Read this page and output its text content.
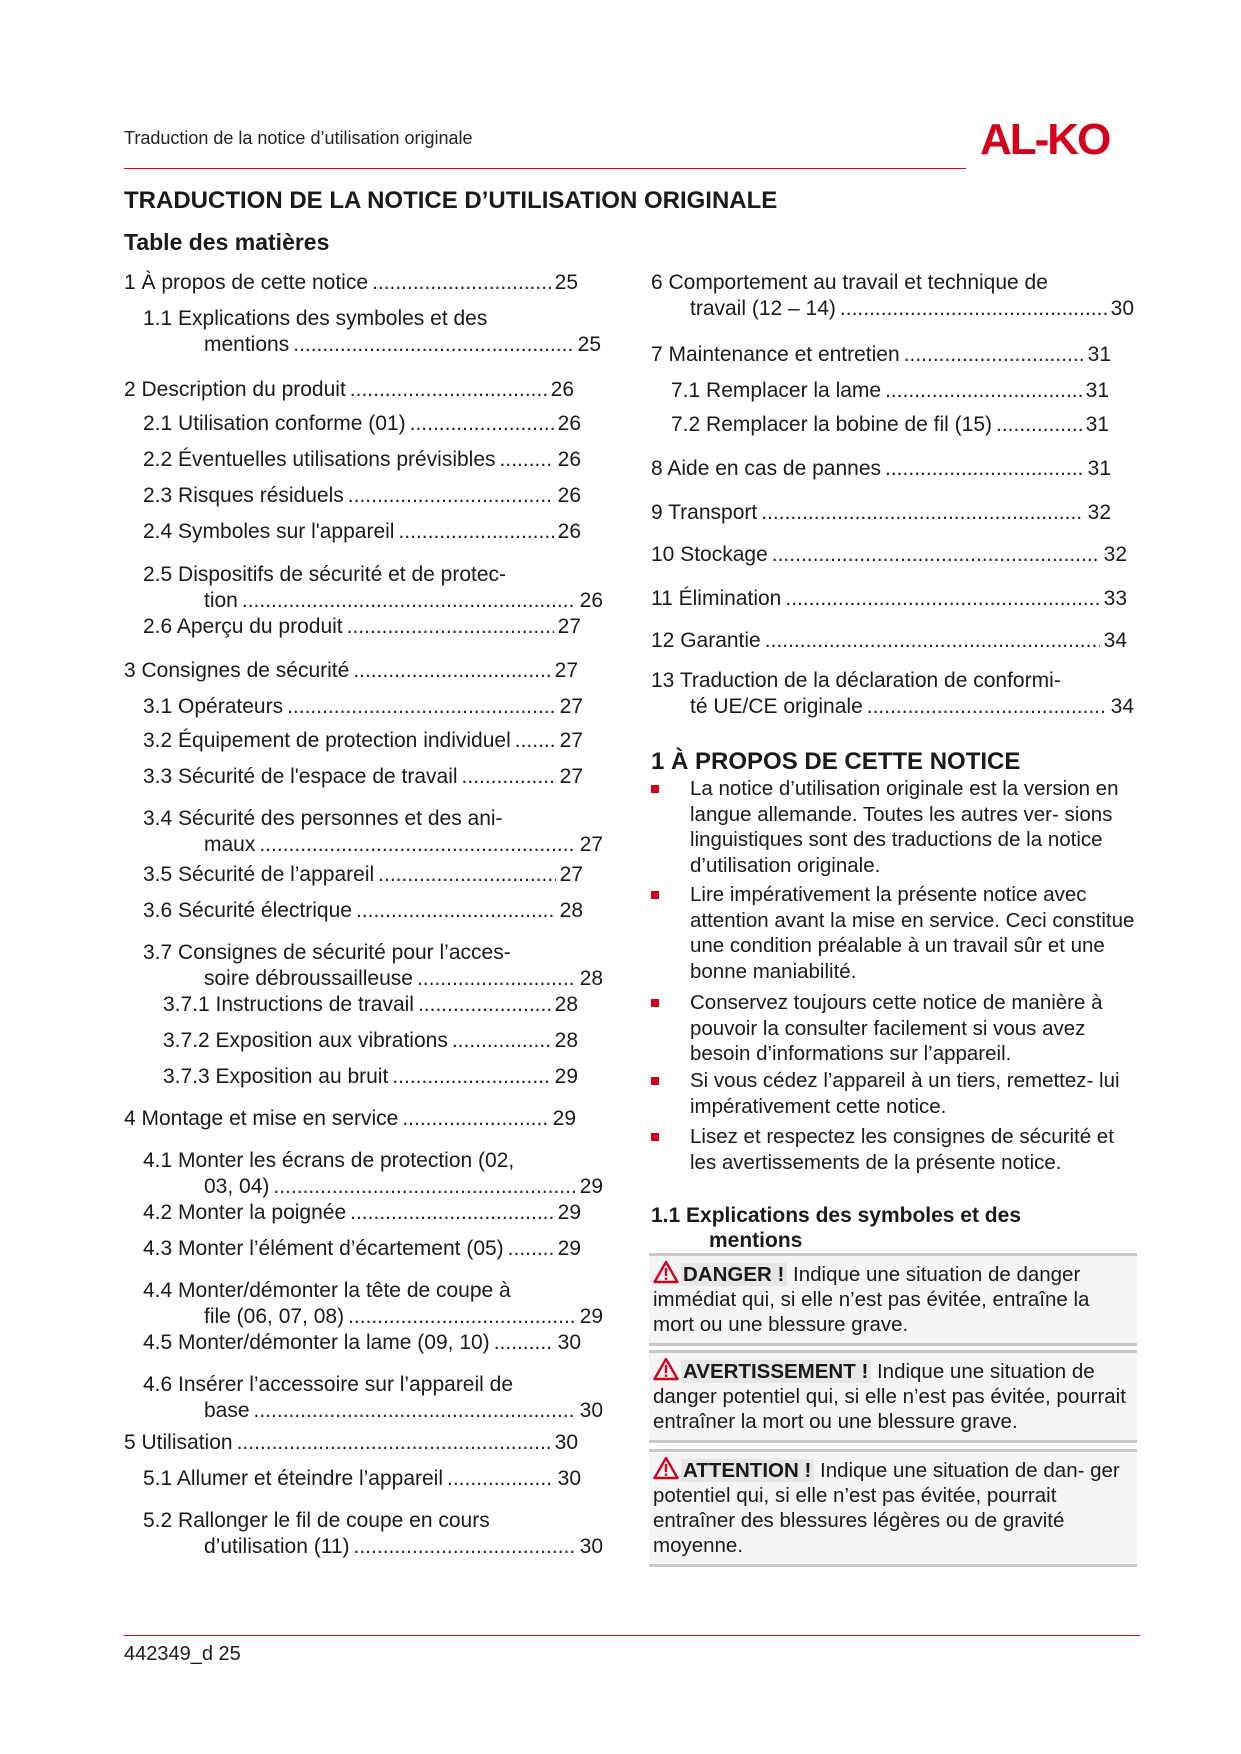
Traduction de la notice d’utilisation originale	AL-KO
TRADUCTION DE LA NOTICE D’UTILISATION ORIGINALE
Table des matières
1 À propos de cette notice .....	25
1.1 Explications des symboles et des
mentions .....	25
2 Description du produit .....	26
2.1 Utilisation conforme (01) .....	26
2.2 Éventuelles utilisations prévisibles .....	26
2.3 Risques résiduels .....	26
2.4 Symboles sur l'appareil .....	26
2.5 Dispositifs de sécurité et de protec-
tion .....	26
2.6 Aperçu du produit .....	27
3 Consignes de sécurité .....	27
3.1 Opérateurs .....	27
3.2 Équipement de protection individuel ..... 27
3.3 Sécurité de l'espace de travail .....	27
3.4 Sécurité des personnes et des ani-
maux .....	27
3.5 Sécurité de l’appareil .....	27
3.6 Sécurité électrique .....	28
3.7 Consignes de sécurité pour l’acces-
soire débroussailleuse .....	28
3.7.1 Instructions de travail .....	28
3.7.2 Exposition aux vibrations .....	28
3.7.3 Exposition au bruit .....	29
4 Montage et mise en service .....	29
4.1 Monter les écrans de protection (02,
03, 04) .....	29
4.2 Monter la poignée .....	29
4.3 Monter l’élément d’écartement (05) .....	29
4.4 Monter/démonter la tête de coupe à
file (06, 07, 08) .....	29
4.5 Monter/démonter la lame (09, 10) .....	30
4.6 Insérer l’accessoire sur l’appareil de
base .....	30
5 Utilisation .....	30
5.1 Allumer et éteindre l’appareil .....	30
5.2 Rallonger le fil de coupe en cours
d’utilisation (11) .....	30
6 Comportement au travail et technique de
travail (12 – 14) .....	30
7 Maintenance et entretien .....	31
7.1 Remplacer la lame .....	31
7.2 Remplacer la bobine de fil (15) .....	31
8 Aide en cas de pannes .....	31
9 Transport .....	32
10 Stockage .....	32
11 Élimination .....	33
12 Garantie .....	34
13 Traduction de la déclaration de conformi-
té UE/CE originale .....	34
1 À PROPOS DE CETTE NOTICE
La notice d’utilisation originale est la version en langue allemande. Toutes les autres ver- sions linguistiques sont des traductions de la notice d’utilisation originale.
Lire impérativement la présente notice avec attention avant la mise en service. Ceci constitue une condition préalable à un travail sûr et une bonne maniabilité.
Conservez toujours cette notice de manière à pouvoir la consulter facilement si vous avez besoin d’informations sur l’appareil.
Si vous cédez l’appareil à un tiers, remettez- lui impérativement cette notice.
Lisez et respectez les consignes de sécurité et les avertissements de la présente notice.
1.1 Explications des symboles et des
mentions
DANGER ! Indique une situation de danger immédiat qui, si elle n’est pas évitée, entraîne la mort ou une blessure grave.
AVERTISSEMENT ! Indique une situation de danger potentiel qui, si elle n’est pas évitée, pourrait entraîner la mort ou une blessure grave.
ATTENTION ! Indique une situation de dan- ger potentiel qui, si elle n’est pas évitée, pourrait entraîner des blessures légères ou de gravité moyenne.
442349_d 25
